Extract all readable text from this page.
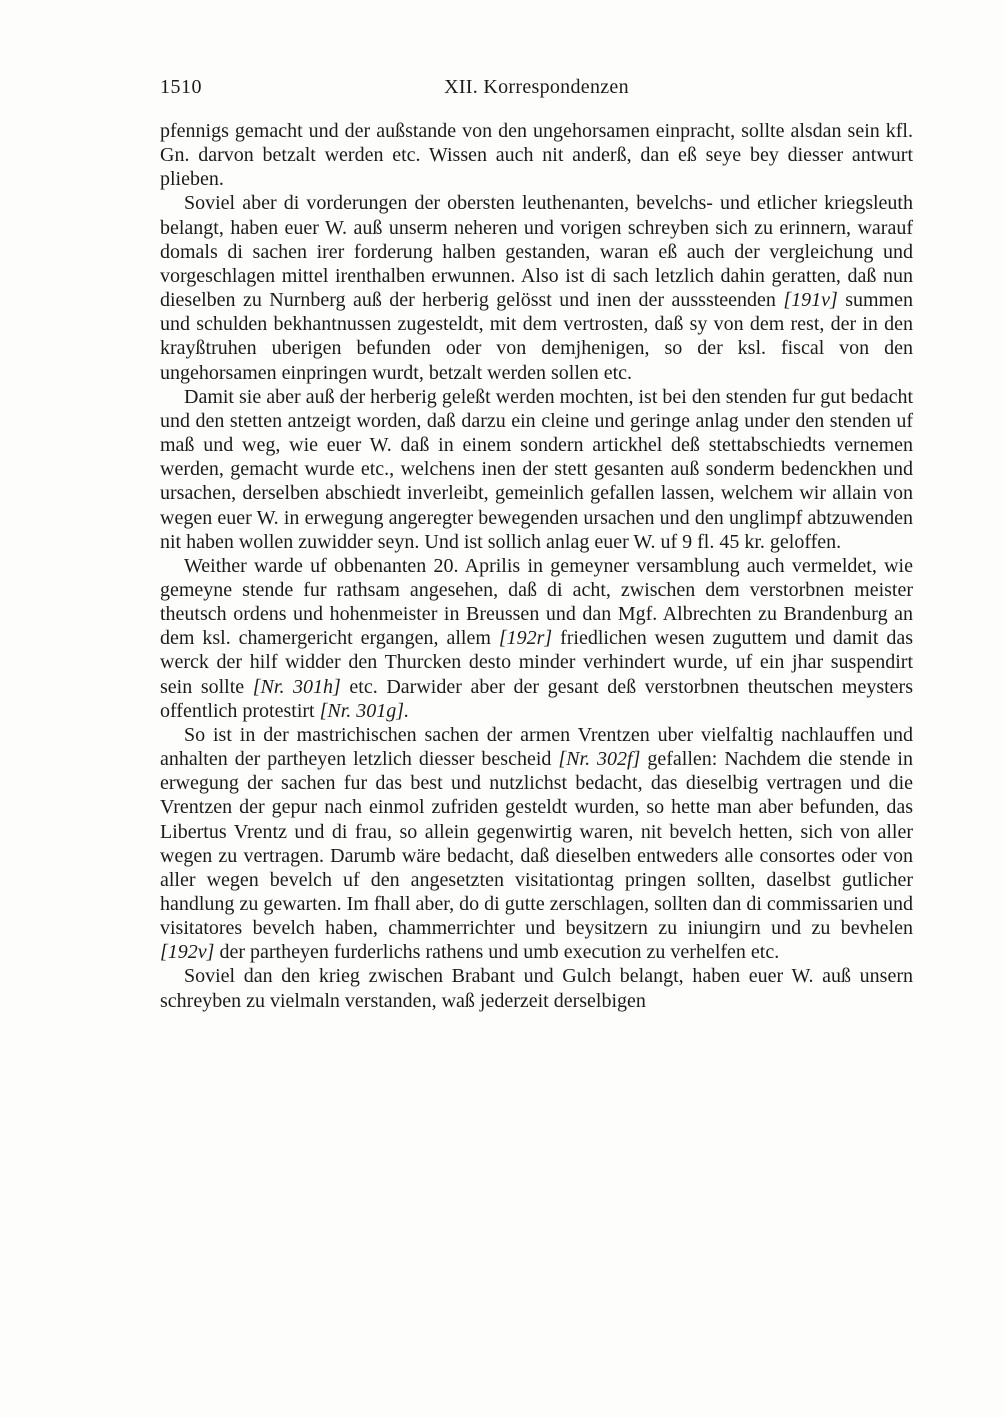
1510	XII. Korrespondenzen

pfennigs gemacht und der außstande von den ungehorsamen einpracht, sollte alsdan sein kfl. Gn. darvon betzalt werden etc. Wissen auch nit anderß, dan eß seye bey diesser antwurt plieben.

Soviel aber di vorderungen der obersten leuthenanten, bevelchs- und etlicher kriegsleuth belangt, haben euer W. auß unserm neheren und vorigen schreyben sich zu erinnern, warauf domals di sachen irer forderung halben gestanden, waran eß auch der vergleichung und vorgeschlagen mittel irenthalben erwunnen. Also ist di sach letzlich dahin geratten, daß nun dieselben zu Nurnberg auß der herberig gelösst und inen der ausssteenden [191v] summen und schulden bekhantnussen zugesteldt, mit dem vertrosten, daß sy von dem rest, der in den krayßtruhen uberigen befunden oder von demjhenigen, so der ksl. fiscal von den ungehorsamen einpringen wurdt, betzalt werden sollen etc.

Damit sie aber auß der herberig geleßt werden mochten, ist bei den stenden fur gut bedacht und den stetten antzeigt worden, daß darzu ein cleine und geringe anlag under den stenden uf maß und weg, wie euer W. daß in einem sondern artickhel deß stettabschiedts vernemen werden, gemacht wurde etc., welchens inen der stett gesanten auß sonderm bedenckhen und ursachen, derselben abschiedt inverleibt, gemeinlich gefallen lassen, welchem wir allain von wegen euer W. in erwegung angeregter bewegenden ursachen und den unglimpf abtzuwenden nit haben wollen zuwidder seyn. Und ist sollich anlag euer W. uf 9 fl. 45 kr. geloffen.

Weither warde uf obbenanten 20. Aprilis in gemeyner versamblung auch vermeldet, wie gemeyne stende fur rathsam angesehen, daß di acht, zwischen dem verstorbnen meister theutsch ordens und hohenmeister in Breussen und dan Mgf. Albrechten zu Brandenburg an dem ksl. chamergericht ergangen, allem [192r] friedlichen wesen zuguttem und damit das werck der hilf widder den Thurcken desto minder verhindert wurde, uf ein jhar suspendirt sein sollte [Nr. 301h] etc. Darwider aber der gesant deß verstorbnen theutschen meysters offentlich protestirt [Nr. 301g].

So ist in der mastrichischen sachen der armen Vrentzen uber vielfaltig nachlauffen und anhalten der partheyen letzlich diesser bescheid [Nr. 302f] gefallen: Nachdem die stende in erwegung der sachen fur das best und nutzlichst bedacht, das dieselbig vertragen und die Vrentzen der gepur nach einmol zufriden gesteldt wurden, so hette man aber befunden, das Libertus Vrentz und di frau, so allein gegenwirtig waren, nit bevelch hetten, sich von aller wegen zu vertragen. Darumb wäre bedacht, daß dieselben entweders alle consortes oder von aller wegen bevelch uf den angesetzten visitationtag pringen sollten, daselbst gutlicher handlung zu gewarten. Im fhall aber, do di gutte zerschlagen, sollten dan di commissarien und visitatores bevelch haben, chammerrichter und beysitzern zu iniungirn und zu bevhelen [192v] der partheyen furderlichs rathens und umb execution zu verhelfen etc.

Soviel dan den krieg zwischen Brabant und Gulch belangt, haben euer W. auß unsern schreyben zu vielmaln verstanden, waß jederzeit derselbigen
